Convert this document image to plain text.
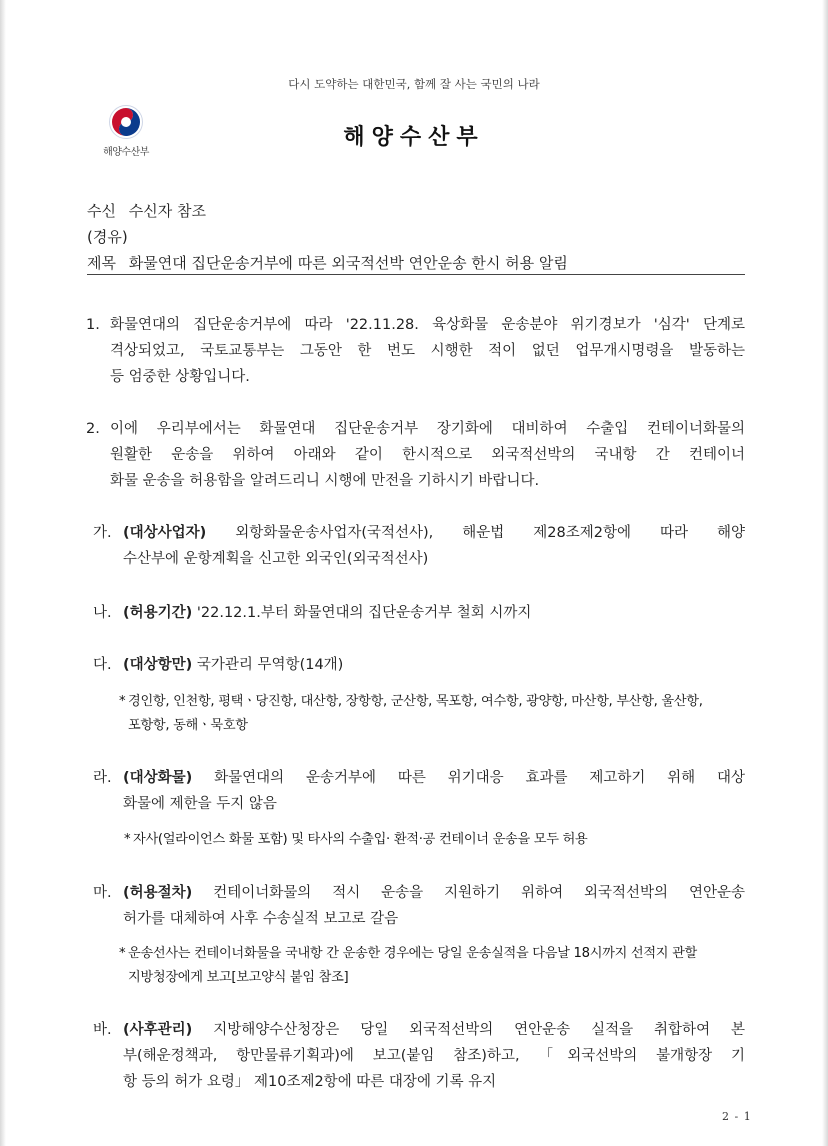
다시 도약하는 대한민국, 함께 잘 사는 국민의 나라
해양수산부
해양수산부
수신 수신자 참조
(경유)
제목 화물연대 집단운송거부에 따른 외국적선박 연안운송 한시 허용 알림
1. 화물연대의 집단운송거부에 따라 '22.11.28. 육상화물 운송분야 위기경보가 '심각' 단계로
격상되었고, 국토교통부는 그동안 한 번도 시행한 적이 없던 업무개시명령을 발동하는
등 엄중한 상황입니다.
2. 이에 우리부에서는 화물연대 집단운송거부 장기화에 대비하여 수출입 컨테이너화물의
원활한 운송을 위하여 아래와 같이 한시적으로 외국적선박의 국내항 간 컨테이너
화물 운송을 허용함을 알려드리니 시행에 만전을 기하시기 바랍니다.
가. (대상사업자) 외항화물운송사업자(국적선사), 해운법 제28조제2항에 따라 해양
수산부에 운항계획을 신고한 외국인(외국적선사)
나. (허용기간) '22.12.1.부터 화물연대의 집단운송거부 철회 시까지
다. (대상항만) 국가관리 무역항(14개)
* 경인항, 인천항, 평택ㆍ당진항, 대산항, 장항항, 군산항, 목포항, 여수항, 광양항, 마산항, 부산항, 울산항,
포항항, 동해ㆍ묵호항
라. (대상화물) 화물연대의 운송거부에 따른 위기대응 효과를 제고하기 위해 대상
화물에 제한을 두지 않음
* 자사(얼라이언스 화물 포함) 및 타사의 수출입· 환적·공 컨테이너 운송을 모두 허용
마. (허용절차) 컨테이너화물의 적시 운송을 지원하기 위하여 외국적선박의 연안운송
허가를 대체하여 사후 수송실적 보고로 갈음
* 운송선사는 컨테이너화물을 국내항 간 운송한 경우에는 당일 운송실적을 다음날 18시까지 선적지 관할
지방청장에게 보고[보고양식 붙임 참조]
바. (사후관리) 지방해양수산청장은 당일 외국적선박의 연안운송 실적을 취합하여 본
부(해운정책과, 항만물류기획과)에 보고(붙임 참조)하고, 「외국선박의 불개항장 기
항 등의 허가 요령」 제10조제2항에 따른 대장에 기록 유지
2 - 1
